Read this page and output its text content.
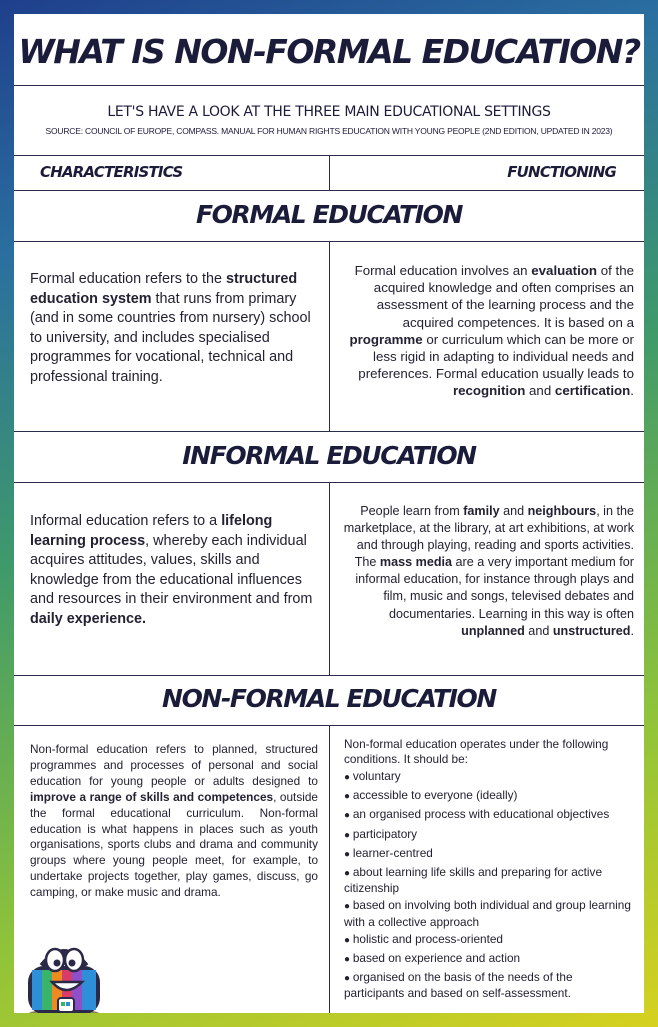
WHAT IS NON-FORMAL EDUCATION?
LET'S HAVE A LOOK AT THE THREE MAIN EDUCATIONAL SETTINGS
SOURCE: COUNCIL OF EUROPE, COMPASS. MANUAL FOR HUMAN RIGHTS EDUCATION WITH YOUNG PEOPLE (2ND EDITION, UPDATED IN 2023)
CHARACTERISTICS	FUNCTIONING
FORMAL EDUCATION
Formal education refers to the structured education system that runs from primary (and in some countries from nursery) school to university, and includes specialised programmes for vocational, technical and professional training.
Formal education involves an evaluation of the acquired knowledge and often comprises an assessment of the learning process and the acquired competences. It is based on a programme or curriculum which can be more or less rigid in adapting to individual needs and preferences. Formal education usually leads to recognition and certification.
INFORMAL EDUCATION
Informal education refers to a lifelong learning process, whereby each individual acquires attitudes, values, skills and knowledge from the educational influences and resources in their environment and from daily experience.
People learn from family and neighbours, in the marketplace, at the library, at art exhibitions, at work and through playing, reading and sports activities. The mass media are a very important medium for informal education, for instance through plays and film, music and songs, televised debates and documentaries. Learning in this way is often unplanned and unstructured.
NON-FORMAL EDUCATION
Non-formal education refers to planned, structured programmes and processes of personal and social education for young people or adults designed to improve a range of skills and competences, outside the formal educational curriculum. Non-formal education is what happens in places such as youth organisations, sports clubs and drama and community groups where young people meet, for example, to undertake projects together, play games, discuss, go camping, or make music and drama.
Non-formal education operates under the following conditions. It should be:
● voluntary
● accessible to everyone (ideally)
● an organised process with educational objectives
● participatory
● learner-centred
● about learning life skills and preparing for active citizenship
● based on involving both individual and group learning with a collective approach
● holistic and process-oriented
● based on experience and action
● organised on the basis of the needs of the participants and based on self-assessment.
